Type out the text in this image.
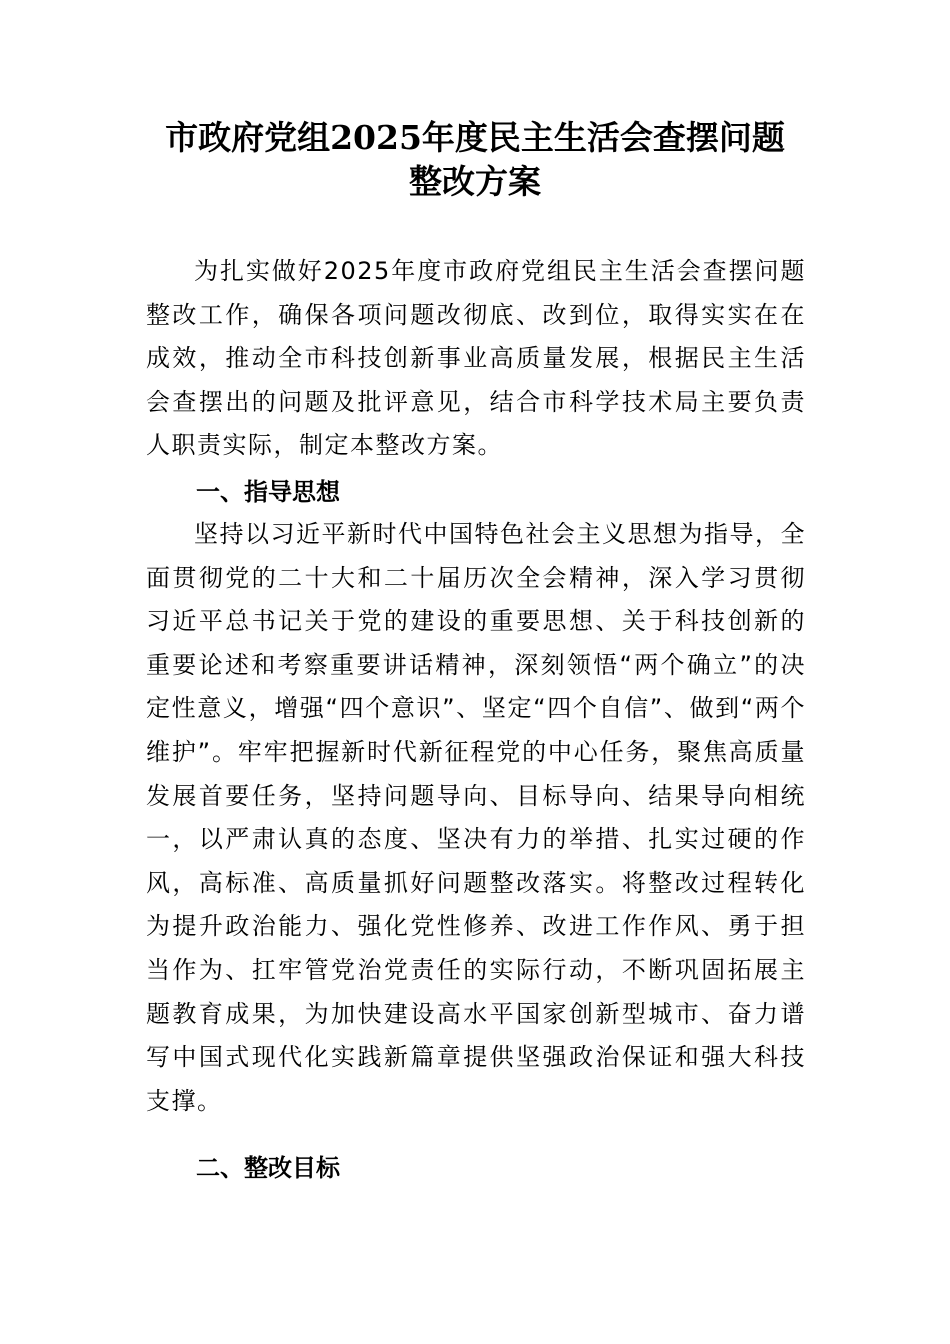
市政府党组2025年度民主生活会查摆问题
整改方案

为扎实做好2025年度市政府党组民主生活会查摆问题整改工作，确保各项问题改彻底、改到位，取得实实在在成效，推动全市科技创新事业高质量发展，根据民主生活会查摆出的问题及批评意见，结合市科学技术局主要负责人职责实际，制定本整改方案。

一、指导思想

坚持以习近平新时代中国特色社会主义思想为指导，全面贯彻党的二十大和二十届历次全会精神，深入学习贯彻习近平总书记关于党的建设的重要思想、关于科技创新的重要论述和考察重要讲话精神，深刻领悟“两个确立”的决定性意义，增强“四个意识”、坚定“四个自信”、做到“两个维护”。牢牢把握新时代新征程党的中心任务，聚焦高质量发展首要任务，坚持问题导向、目标导向、结果导向相统一，以严肃认真的态度、坚决有力的举措、扎实过硬的作风，高标准、高质量抓好问题整改落实。将整改过程转化为提升政治能力、强化党性修养、改进工作作风、勇于担当作为、扛牢管党治党责任的实际行动，不断巩固拓展主题教育成果，为加快建设高水平国家创新型城市、奋力谱写中国式现代化实践新篇章提供坚强政治保证和强大科技支撑。

二、整改目标
